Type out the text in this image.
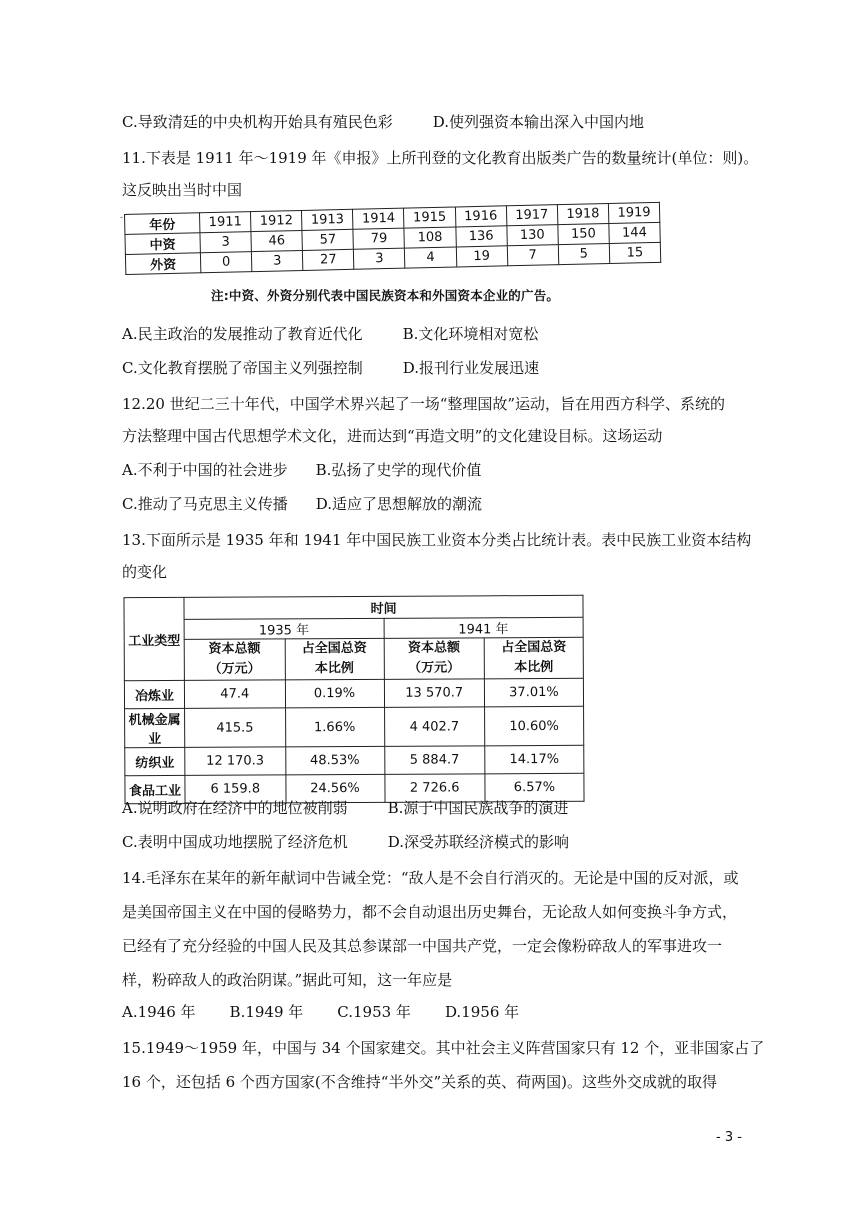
C.导致清廷的中央机构开始具有殖民色彩	D.使列强资本输出深入中国内地
11.下表是 1911 年～1919 年《申报》上所刊登的文化教育出版类广告的数量统计(单位：则)。
这反映出当时中国
- 年份	1911	1912	1913	1914	1915	1916	1917	1918	1919
中资	3	46	57	79	108	136	130	150	144
外资	0	3	27	3	4	19	7	5	15
注:中资、外资分别代表中国民族资本和外国资本企业的广告。
A.民主政治的发展推动了教育近代化	B.文化环境相对宽松
C.文化教育摆脱了帝国主义列强控制	D.报刊行业发展迅速
12.20 世纪二三十年代，中国学术界兴起了一场“整理国故”运动，旨在用西方科学、系统的
方法整理中国古代思想学术文化，进而达到“再造文明”的文化建设目标。这场运动
A.不利于中国的社会进步 B.弘扬了史学的现代价值
C.推动了马克思主义传播 D.适应了思想解放的潮流
13.下面所示是 1935 年和 1941 年中国民族工业资本分类占比统计表。表中民族工业资本结构
的变化
工业类型	时间			
	1935 年		1941 年	
	资本总额（万元）	占全国总资本比例	资本总额（万元）	占全国总资本比例
冶炼业	47.4	0.19%	13 570.7	37.01%
机械金属业	415.5	1.66%	4 402.7	10.60%
纺织业	12 170.3	48.53%	5 884.7	14.17%
食品工业	6 159.8	24.56%	2 726.6	6.57%
A.说明政府在经济中的地位被削弱	B.源于中国民族战争的演进
C.表明中国成功地摆脱了经济危机	D.深受苏联经济模式的影响
14.毛泽东在某年的新年献词中告诫全党：“敌人是不会自行消灭的。无论是中国的反对派，或
是美国帝国主义在中国的侵略势力，都不会自动退出历史舞台，无论敌人如何变换斗争方式，
已经有了充分经验的中国人民及其总参谋部一中国共产党，一定会像粉碎敌人的军事进攻一
样，粉碎敌人的政治阴谋。”据此可知，这一年应是
A.1946 年 B.1949 年 C.1953 年 D.1956 年
15.1949～1959 年，中国与 34 个国家建交。其中社会主义阵营国家只有 12 个，亚非国家占了
16 个，还包括 6 个西方国家(不含维持“半外交”关系的英、荷两国)。这些外交成就的取得
- 3 -
